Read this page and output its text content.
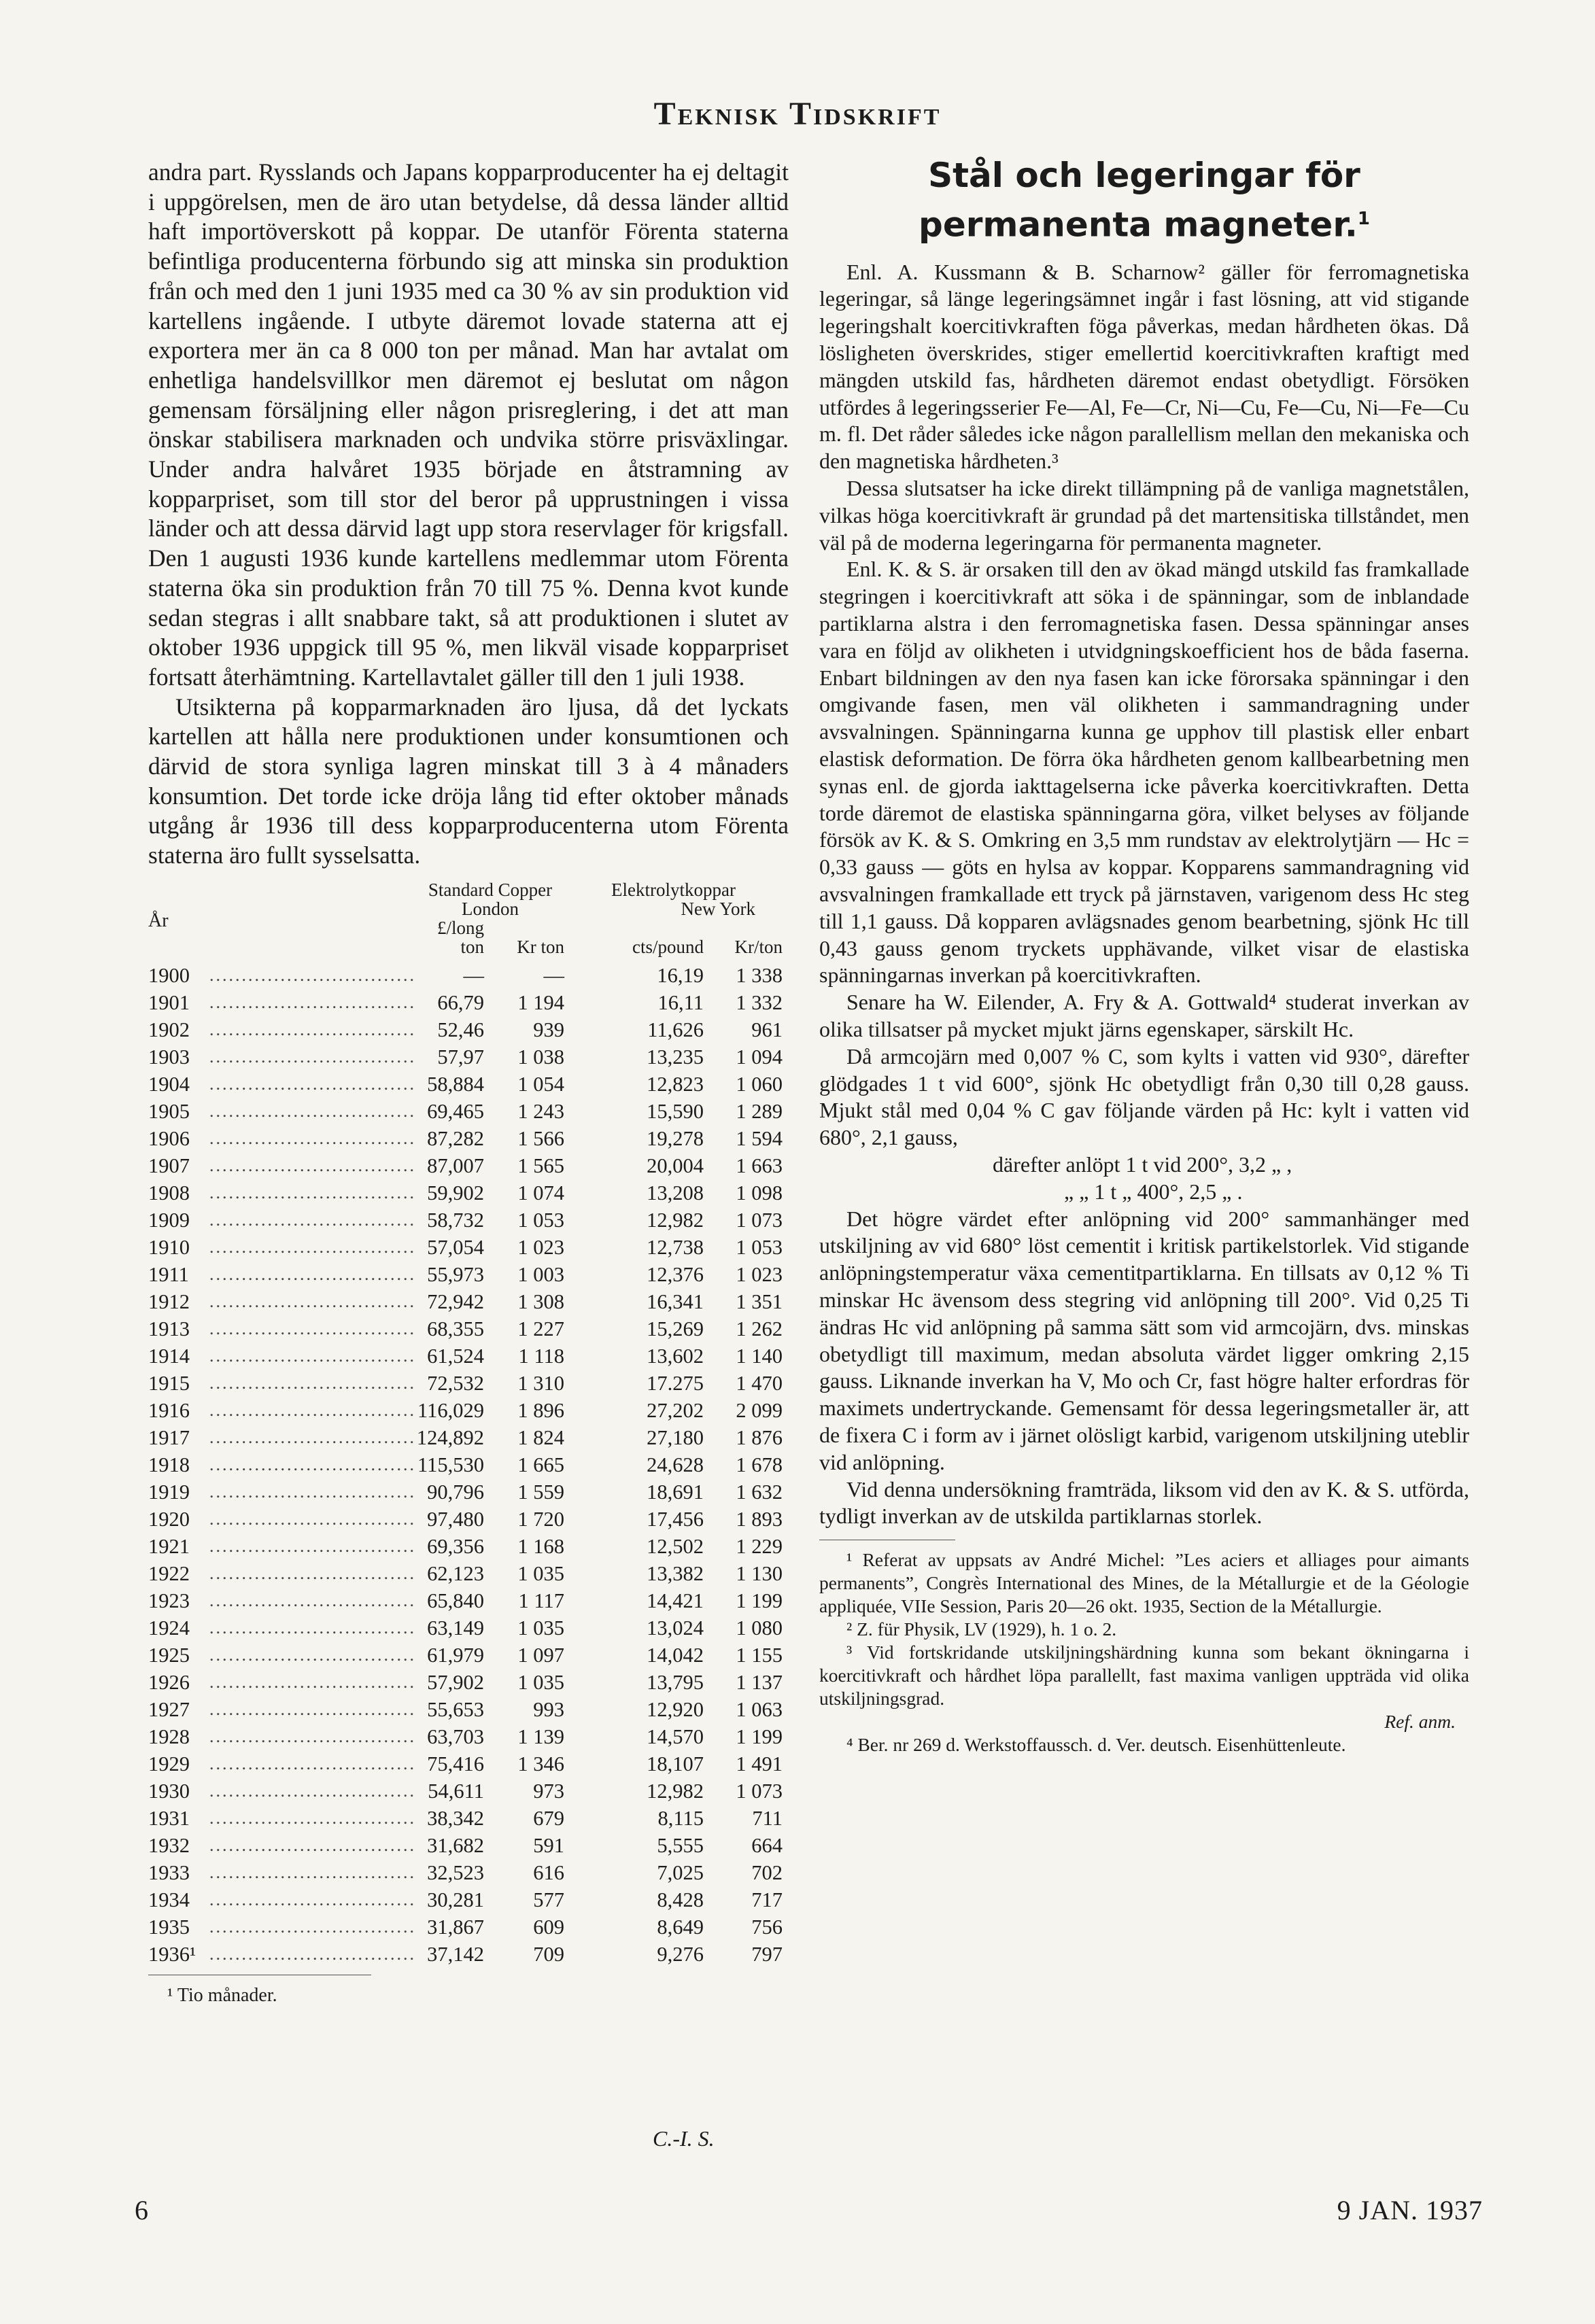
Teknisk Tidskrift

andra part. Rysslands och Japans kopparproducenter ha ej deltagit i uppgörelsen, men de äro utan betydelse, då dessa länder alltid haft importöverskott på koppar. De utanför Förenta staterna befintliga producenterna förbundo sig att minska sin produktion från och med den 1 juni 1935 med ca 30 % av sin produktion vid kartellens ingående. I utbyte däremot lovade staterna att ej exportera mer än ca 8 000 ton per månad. Man har avtalat om enhetliga handelsvillkor men däremot ej beslutat om någon gemensam försäljning eller någon prisreglering, i det att man önskar stabilisera marknaden och undvika större prisväxlingar. Under andra halvåret 1935 började en åtstramning av kopparpriset, som till stor del beror på upprustningen i vissa länder och att dessa därvid lagt upp stora reservlager för krigsfall. Den 1 augusti 1936 kunde kartellens medlemmar utom Förenta staterna öka sin produktion från 70 till 75 %. Denna kvot kunde sedan stegras i allt snabbare takt, så att produktionen i slutet av oktober 1936 uppgick till 95 %, men likväl visade kopparpriset fortsatt återhämtning. Kartellavtalet gäller till den 1 juli 1938.

Utsikterna på kopparmarknaden äro ljusa, då det lyckats kartellen att hålla nere produktionen under konsumtionen och därvid de stora synliga lagren minskat till 3 à 4 månaders konsumtion. Det torde icke dröja lång tid efter oktober månads utgång år 1936 till dess kopparproducenterna utom Förenta staterna äro fullt sysselsatta.

År		Standard Copper		Elektrolytkoppar	
		London		New York	
		£/long ton	Kr ton	cts/pound	Kr/ton
1900	................................	—	—	16,19	1 338
1901	................................	66,79	1 194	16,11	1 332
1902	................................	52,46	939	11,626	961
1903	................................	57,97	1 038	13,235	1 094
1904	................................	58,884	1 054	12,823	1 060
1905	................................	69,465	1 243	15,590	1 289
1906	................................	87,282	1 566	19,278	1 594
1907	................................	87,007	1 565	20,004	1 663
1908	................................	59,902	1 074	13,208	1 098
1909	................................	58,732	1 053	12,982	1 073
1910	................................	57,054	1 023	12,738	1 053
1911	................................	55,973	1 003	12,376	1 023
1912	................................	72,942	1 308	16,341	1 351
1913	................................	68,355	1 227	15,269	1 262
1914	................................	61,524	1 118	13,602	1 140
1915	................................	72,532	1 310	17.275	1 470
1916	................................	116,029	1 896	27,202	2 099
1917	................................	124,892	1 824	27,180	1 876
1918	................................	115,530	1 665	24,628	1 678
1919	................................	90,796	1 559	18,691	1 632
1920	................................	97,480	1 720	17,456	1 893
1921	................................	69,356	1 168	12,502	1 229
1922	................................	62,123	1 035	13,382	1 130
1923	................................	65,840	1 117	14,421	1 199
1924	................................	63,149	1 035	13,024	1 080
1925	................................	61,979	1 097	14,042	1 155
1926	................................	57,902	1 035	13,795	1 137
1927	................................	55,653	993	12,920	1 063
1928	................................	63,703	1 139	14,570	1 199
1929	................................	75,416	1 346	18,107	1 491
1930	................................	54,611	973	12,982	1 073
1931	................................	38,342	679	8,115	711
1932	................................	31,682	591	5,555	664
1933	................................	32,523	616	7,025	702
1934	................................	30,281	577	8,428	717
1935	................................	31,867	609	8,649	756
1936¹	................................	37,142	709	9,276	797
¹ Tio månader.
C.-I. S.
Stål och legeringar för permanenta magneter.$^1$

Enl. A. Kussmann & B. Scharnow² gäller för ferromagnetiska legeringar, så länge legeringsämnet ingår i fast lösning, att vid stigande legeringshalt koercitivkraften föga påverkas, medan hårdheten ökas. Då lösligheten överskrides, stiger emellertid koercitivkraften kraftigt med mängden utskild fas, hårdheten däremot endast obetydligt. Försöken utfördes å legeringsserier Fe—Al, Fe—Cr, Ni—Cu, Fe—Cu, Ni—Fe—Cu m. fl. Det råder således icke någon parallellism mellan den mekaniska och den magnetiska hårdheten.³

Dessa slutsatser ha icke direkt tillämpning på de vanliga magnetstålen, vilkas höga koercitivkraft är grundad på det martensitiska tillståndet, men väl på de moderna legeringarna för permanenta magneter.

Enl. K. & S. är orsaken till den av ökad mängd utskild fas framkallade stegringen i koercitivkraft att söka i de spänningar, som de inblandade partiklarna alstra i den ferromagnetiska fasen. Dessa spänningar anses vara en följd av olikheten i utvidgningskoefficient hos de båda faserna. Enbart bildningen av den nya fasen kan icke förorsaka spänningar i den omgivande fasen, men väl olikheten i sammandragning under avsvalningen. Spänningarna kunna ge upphov till plastisk eller enbart elastisk deformation. De förra öka hårdheten genom kallbearbetning men synas enl. de gjorda iakttagelserna icke påverka koercitivkraften. Detta torde däremot de elastiska spänningarna göra, vilket belyses av följande försök av K. & S. Omkring en 3,5 mm rundstav av elektrolytjärn — Hc = 0,33 gauss — göts en hylsa av koppar. Kopparens sammandragning vid avsvalningen framkallade ett tryck på järnstaven, varigenom dess Hc steg till 1,1 gauss. Då kopparen avlägsnades genom bearbetning, sjönk Hc till 0,43 gauss genom tryckets upphävande, vilket visar de elastiska spänningarnas inverkan på koercitivkraften.

Senare ha W. Eilender, A. Fry & A. Gottwald⁴ studerat inverkan av olika tillsatser på mycket mjukt järns egenskaper, särskilt Hc.

Då armcojärn med 0,007 % C, som kylts i vatten vid 930°, därefter glödgades 1 t vid 600°, sjönk Hc obetydligt från 0,30 till 0,28 gauss. Mjukt stål med 0,04 % C gav följande värden på Hc: kylt i vatten vid 680°, 2,1 gauss,

därefter anlöpt 1 t vid 200°, 3,2 „ ,
„ „ 1 t „ 400°, 2,5 „ .

Det högre värdet efter anlöpning vid 200° sammanhänger med utskiljning av vid 680° löst cementit i kritisk partikelstorlek. Vid stigande anlöpningstemperatur växa cementitpartiklarna. En tillsats av 0,12 % Ti minskar Hc ävensom dess stegring vid anlöpning till 200°. Vid 0,25 Ti ändras Hc vid anlöpning på samma sätt som vid armcojärn, dvs. minskas obetydligt till maximum, medan absoluta värdet ligger omkring 2,15 gauss. Liknande inverkan ha V, Mo och Cr, fast högre halter erfordras för maximets undertryckande. Gemensamt för dessa legeringsmetaller är, att de fixera C i form av i järnet olösligt karbid, varigenom utskiljning uteblir vid anlöpning.

Vid denna undersökning framträda, liksom vid den av K. & S. utförda, tydligt inverkan av de utskilda partiklarnas storlek.

¹ Referat av uppsats av André Michel: ”Les aciers et alliages pour aimants permanents”, Congrès International des Mines, de la Métallurgie et de la Géologie appliquée, VIIe Session, Paris 20—26 okt. 1935, Section de la Métallurgie.

² Z. für Physik, LV (1929), h. 1 o. 2.

³ Vid fortskridande utskiljningshärdning kunna som bekant ökningarna i koercitivkraft och hårdhet löpa parallellt, fast maxima vanligen uppträda vid olika utskiljningsgrad.

Ref. anm.

⁴ Ber. nr 269 d. Werkstoffaussch. d. Ver. deutsch. Eisenhüttenleute.

6	9 JAN. 1937
